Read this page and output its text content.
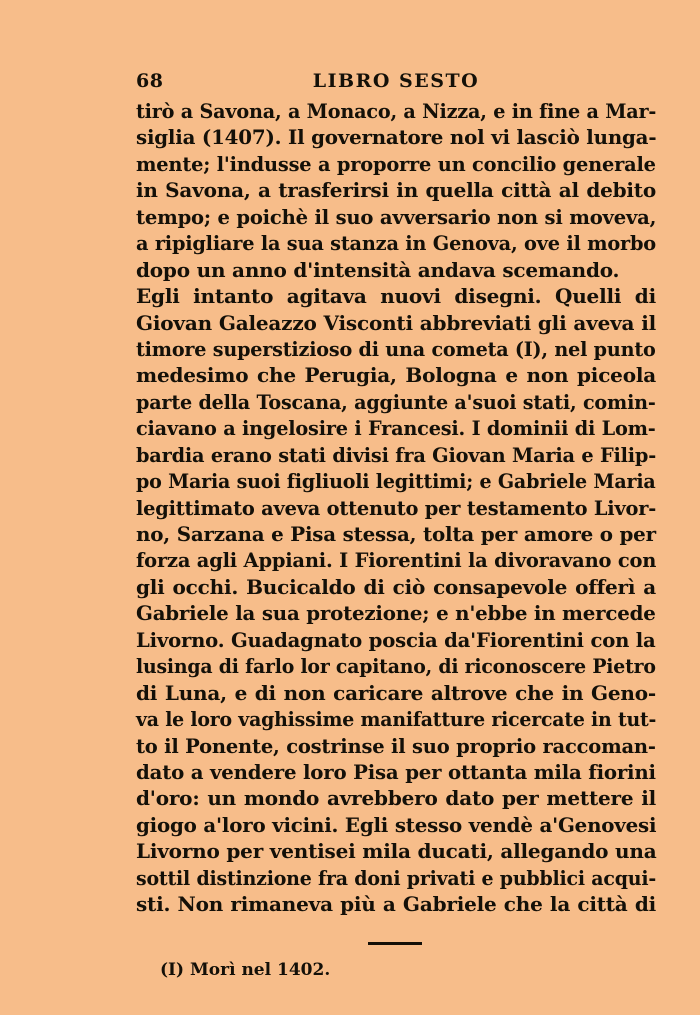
68	LIBRO SESTO
tirò a Savona, a Monaco, a Nizza, e in fine a Mar-
siglia (1407). Il governatore nol vi lasciò lunga-
mente; l'indusse a proporre un concilio generale
in Savona, a trasferirsi in quella città al debito
tempo; e poichè il suo avversario non si moveva,
a ripigliare la sua stanza in Genova, ove il morbo
dopo un anno d'intensità andava scemando.
Egli intanto agitava nuovi disegni. Quelli di
Giovan Galeazzo Visconti abbreviati gli aveva il
timore superstizioso di una cometa (I), nel punto
medesimo che Perugia, Bologna e non piceola
parte della Toscana, aggiunte a'suoi stati, comin-
ciavano a ingelosire i Francesi. I dominii di Lom-
bardia erano stati divisi fra Giovan Maria e Filip-
po Maria suoi figliuoli legittimi; e Gabriele Maria
legittimato aveva ottenuto per testamento Livor-
no, Sarzana e Pisa stessa, tolta per amore o per
forza agli Appiani. I Fiorentini la divoravano con
gli occhi. Bucicaldo di ciò consapevole offerì a
Gabriele la sua protezione; e n'ebbe in mercede
Livorno. Guadagnato poscia da'Fiorentini con la
lusinga di farlo lor capitano, di riconoscere Pietro
di Luna, e di non caricare altrove che in Geno-
va le loro vaghissime manifatture ricercate in tut-
to il Ponente, costrinse il suo proprio raccoman-
dato a vendere loro Pisa per ottanta mila fiorini
d'oro: un mondo avrebbero dato per mettere il
giogo a'loro vicini. Egli stesso vendè a'Genovesi
Livorno per ventisei mila ducati, allegando una
sottil distinzione fra doni privati e pubblici acqui-
sti. Non rimaneva più a Gabriele che la città di
(I) Morì nel 1402.
